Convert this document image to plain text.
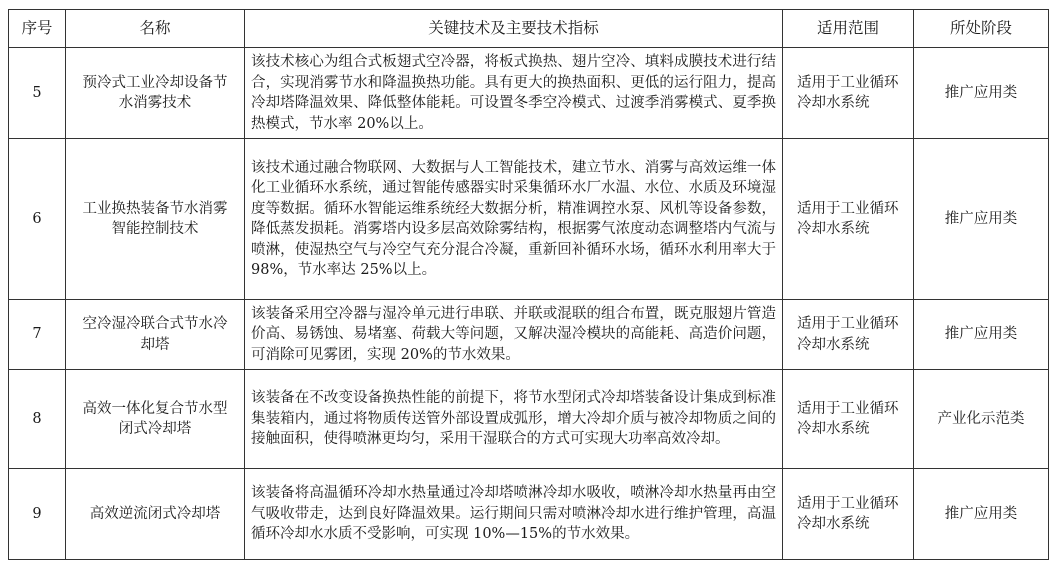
序号	名称	关键技术及主要技术指标	适用范围	所处阶段
5	预冷式工业冷却设备节水消雾技术	该技术核心为组合式板翅式空冷器，将板式换热、翅片空冷、填料成膜技术进行结合，实现消雾节水和降温换热功能。具有更大的换热面积、更低的运行阻力，提高冷却塔降温效果、降低整体能耗。可设置冬季空冷模式、过渡季消雾模式、夏季换热模式，节水率 20%以上。	适用于工业循环冷却水系统	推广应用类
6	工业换热装备节水消雾智能控制技术	该技术通过融合物联网、大数据与人工智能技术，建立节水、消雾与高效运维一体化工业循环水系统，通过智能传感器实时采集循环水厂水温、水位、水质及环境湿度等数据。循环水智能运维系统经大数据分析，精准调控水泵、风机等设备参数，降低蒸发损耗。消雾塔内设多层高效除雾结构，根据雾气浓度动态调整塔内气流与喷淋，使湿热空气与冷空气充分混合冷凝，重新回补循环水场，循环水利用率大于 98%，节水率达 25%以上。	适用于工业循环冷却水系统	推广应用类
7	空冷湿冷联合式节水冷却塔	该装备采用空冷器与湿冷单元进行串联、并联或混联的组合布置，既克服翅片管造价高、易锈蚀、易堵塞、荷载大等问题，又解决湿冷模块的高能耗、高造价问题，可消除可见雾团，实现 20%的节水效果。	适用于工业循环冷却水系统	推广应用类
8	高效一体化复合节水型闭式冷却塔	该装备在不改变设备换热性能的前提下，将节水型闭式冷却塔装备设计集成到标准集装箱内，通过将物质传送管外部设置成弧形，增大冷却介质与被冷却物质之间的接触面积，使得喷淋更均匀，采用干湿联合的方式可实现大功率高效冷却。	适用于工业循环冷却水系统	产业化示范类
9	高效逆流闭式冷却塔	该装备将高温循环冷却水热量通过冷却塔喷淋冷却水吸收，喷淋冷却水热量再由空气吸收带走，达到良好降温效果。运行期间只需对喷淋冷却水进行维护管理，高温循环冷却水水质不受影响，可实现 10%—15%的节水效果。	适用于工业循环冷却水系统	推广应用类
